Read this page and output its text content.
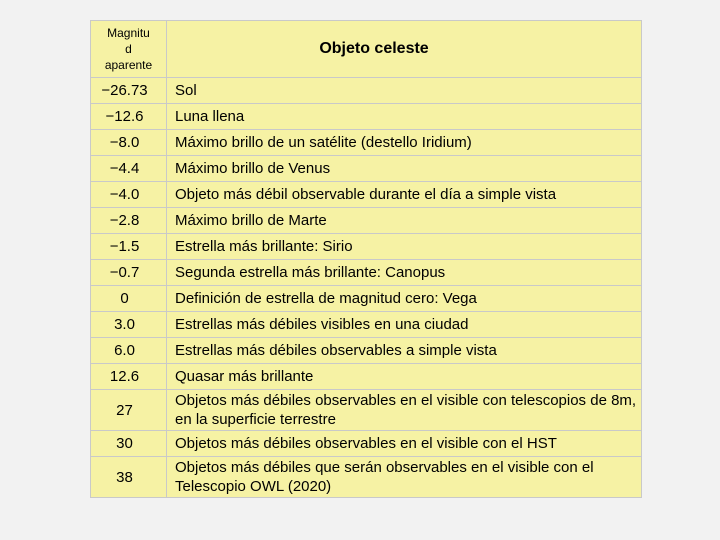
Magnitu
d
aparente	Objeto celeste
−26.73	Sol
−12.6	Luna llena
−8.0	Máximo brillo de un satélite (destello Iridium)
−4.4	Máximo brillo de Venus
−4.0	Objeto más débil observable durante el día a simple vista
−2.8	Máximo brillo de Marte
−1.5	Estrella más brillante: Sirio
−0.7	Segunda estrella más brillante: Canopus
0	Definición de estrella de magnitud cero: Vega
3.0	Estrellas más débiles visibles en una ciudad
6.0	Estrellas más débiles observables a simple vista
12.6	Quasar más brillante
27	Objetos más débiles observables en el visible con telescopios de 8m, en la superficie terrestre
30	Objetos más débiles observables en el visible con el HST
38	Objetos más débiles que serán observables en el visible con el Telescopio OWL (2020)
